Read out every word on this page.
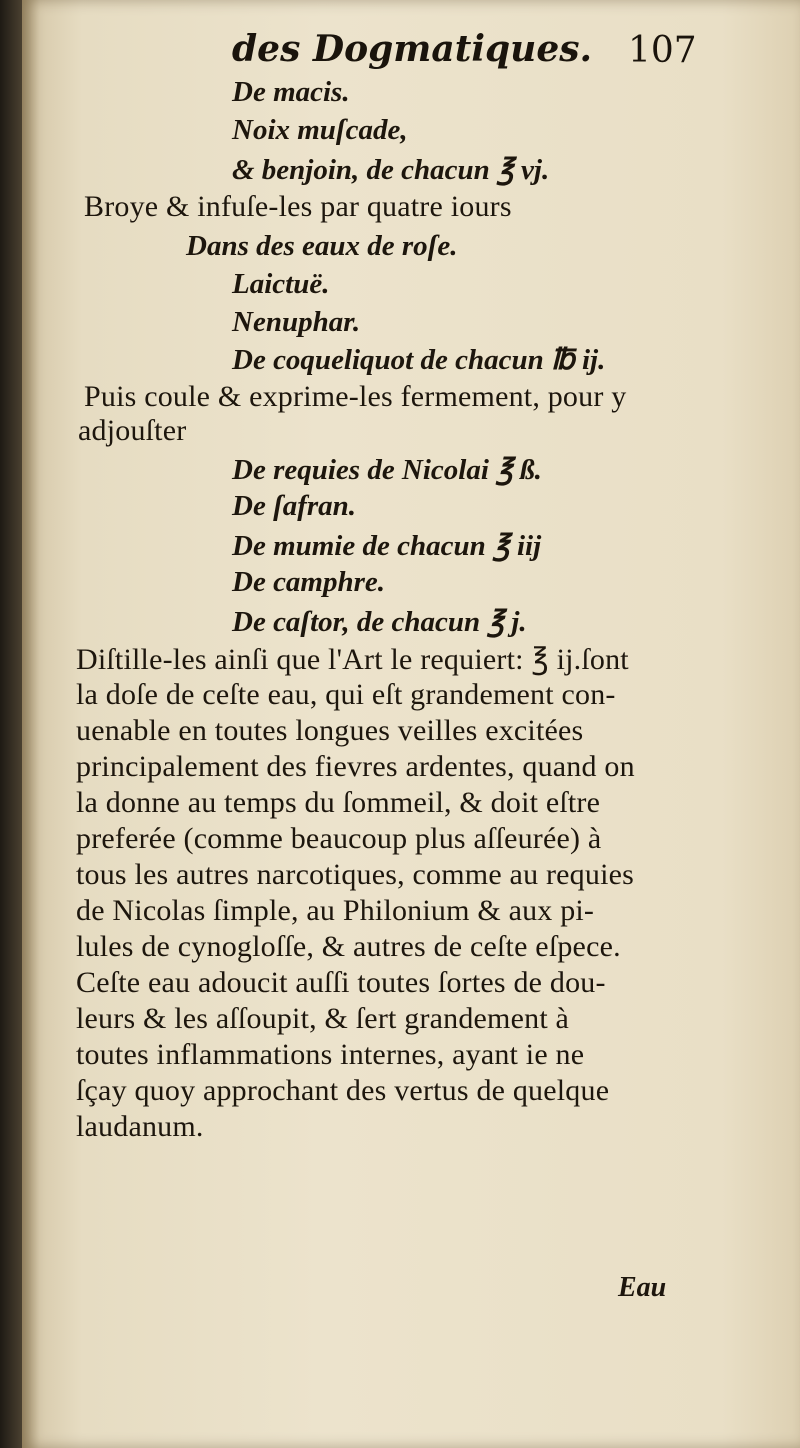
des Dogmatiques. 107
De macis.
Noix muſcade,
& benjoin, de chacun ℥ vj.
Broye & infuſe-les par quatre iours
Dans des eaux de roſe.
Laictuë.
Nenuphar.
De coqueliquot de chacun ℔ ij.
Puis coule & exprime-les fermement, pour y
adjouſter
De requies de Nicolai ℥ ß.
De ſafran.
De mumie de chacun ℥ iij
De camphre.
De caſtor, de chacun ℥ j.
Diſtille-les ainſi que l'Art le requiert: ℥ ij.ſont
la doſe de ceſte eau, qui eſt grandement con-
uenable en toutes longues veilles excitées
principalement des fievres ardentes, quand on
la donne au temps du ſommeil, & doit eſtre
preferée (comme beaucoup plus aſſeurée) à
tous les autres narcotiques, comme au requies
de Nicolas ſimple, au Philonium & aux pi-
lules de cynogloſſe, & autres de ceſte eſpece.
Ceſte eau adoucit auſſi toutes ſortes de dou-
leurs & les aſſoupit, & ſert grandement à
toutes inflammations internes, ayant ie ne
ſçay quoy approchant des vertus de quelque
laudanum.
Eau
